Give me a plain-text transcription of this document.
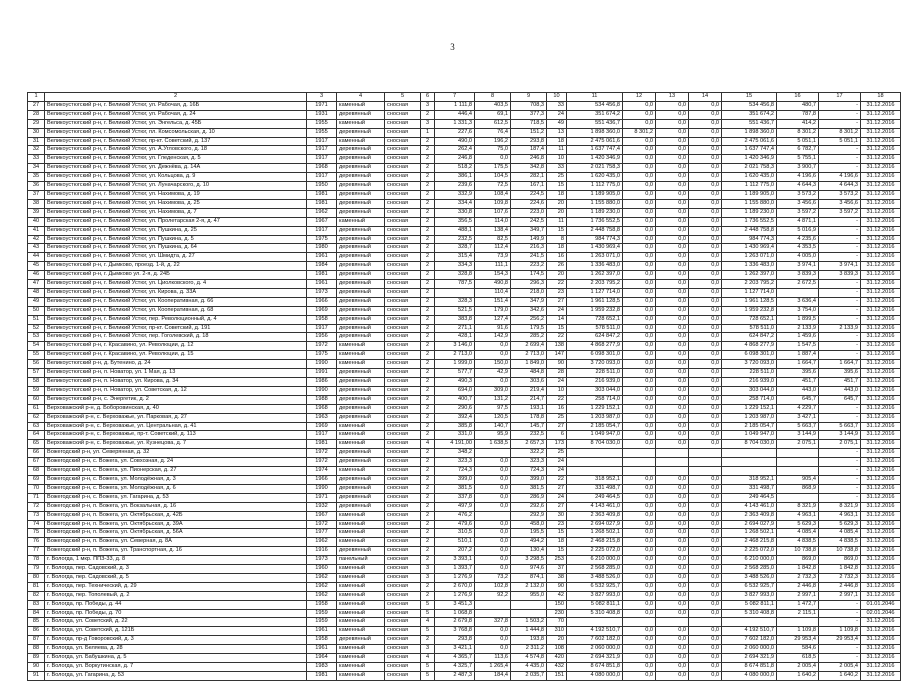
3
1	2	3	4	5	6	7	8	9	10	11	12	13	14	15	16	17	18
27	Великоустюгский р-н, г. Великий Устюг, ул. Рабочая, д. 16Б	1971	каменный	сносная	3	1 111,8	403,5	708,3	33	534 456,8	0,0	0,0	0,0	534 456,8	480,7	-	31.12.2016
28	Великоустюгский р-н, г. Великий Устюг, ул. Рабочая, д. 24	1931	деревянный	сносная	2	446,4	69,1	377,3	24	351 674,2	0,0	0,0	0,0	351 674,2	787,8	-	31.12.2016
29	Великоустюгский р-н, г. Великий Устюг, ул. Энгельса, д. 45Б	1955	каменный	сносная	3	1 331,3	612,5	718,5	49	551 436,7	0,0	0,0	0,0	551 436,7	414,2	-	31.12.2016
30	Великоустюгский р-н, г. Великий Устюг, пл. Комсомольская, д. 10	1955	деревянный	сносная	1	227,6	76,4	151,2	13	1 898 360,0	8 301,2	0,0	0,0	1 898 360,0	8 301,2	8 301,2	31.12.2016
31	Великоустюгский р-н, г. Великий Устюг, пр-кт. Советский, д. 137	1917	каменный	сносная	2	490,0	196,2	293,8	18	2 475 061,6	0,0	0,0	0,0	2 475 061,6	5 051,1	5 051,1	31.12.2016
32	Великоустюгский р-н, г. Великий Устюг, ул. А.Угловского, д. 18	1917	деревянный	сносная	2	262,4	75,0	187,4	11	1 637 747,4	0,0	0,0	0,0	1 637 747,4	6 782,7	-	31.12.2016
33	Великоустюгский р-н, г. Великий Устюг, ул. Гледенская, д. 5	1917	деревянный	сносная	2	246,8	0,0	246,8	10	1 420 346,9	0,0	0,0	0,0	1 420 346,9	5 755,1	-	31.12.2016
34	Великоустюгский р-н, г. Великий Устюг, ул. Дежнёва, д. 14А	1968	деревянный	сносная	2	518,2	175,5	342,8	33	2 021 758,3	0,0	0,0	0,0	2 021 758,3	3 900,7	-	31.12.2016
35	Великоустюгский р-н, г. Великий Устюг, ул. Кольцова, д. 9	1917	деревянный	сносная	2	386,1	104,5	282,1	25	1 620 435,0	0,0	0,0	0,0	1 620 435,0	4 196,6	4 196,6	31.12.2016
36	Великоустюгский р-н, г. Великий Устюг, ул. Луначарского, д. 10	1950	деревянный	сносная	2	239,6	72,5	167,1	15	1 112 775,0	0,0	0,0	0,0	1 112 775,0	4 644,3	4 644,3	31.12.2016
37	Великоустюгский р-н, г. Великий Устюг, ул. Нахимова, д. 19	1981	деревянный	сносная	2	332,9	108,4	224,5	18	1 189 905,0	0,0	0,0	0,0	1 189 905,0	3 573,2	3 573,2	31.12.2016
38	Великоустюгский р-н, г. Великий Устюг, ул. Нахимова, д. 25	1981	деревянный	сносная	2	334,4	109,8	224,6	20	1 155 880,0	0,0	0,0	0,0	1 155 880,0	3 456,6	3 456,6	31.12.2016
39	Великоустюгский р-н, г. Великий Устюг, ул. Нахимова, д. 7	1962	деревянный	сносная	2	330,8	107,6	223,0	20	1 189 230,0	0,0	0,0	0,0	1 189 230,0	3 597,2	3 597,2	31.12.2016
40	Великоустюгский р-н, г. Великий Устюг, ул. Пролетарская 2-я, д. 47	1967	каменный	сносная	2	356,5	114,0	242,5	11	1 736 552,5	0,0	0,0	0,0	1 736 552,5	4 871,1	-	31.12.2016
41	Великоустюгский р-н, г. Великий Устюг, ул. Пушкина, д. 25	1917	деревянный	сносная	2	488,1	138,4	349,7	15	2 448 758,8	0,0	0,0	0,0	2 448 758,8	5 016,9	-	31.12.2016
42	Великоустюгский р-н, г. Великий Устюг, ул. Пушкина, д. 5	1975	деревянный	сносная	2	232,5	82,5	149,9	8	984 774,3	0,0	0,0	0,0	984 774,3	4 235,6	-	31.12.2016
43	Великоустюгский р-н, г. Великий Устюг, ул. Пушкина, д. 64	1980	деревянный	сносная	2	328,7	112,4	216,3	18	1 430 969,4	0,0	0,0	0,0	1 430 969,4	4 353,5	-	31.12.2016
44	Великоустюгский р-н, г. Великий Устюг, ул. Шмидта, д. 27	1961	деревянный	сносная	2	315,4	73,9	241,5	16	1 263 071,0	0,0	0,0	0,0	1 263 071,0	4 005,0	-	31.12.2016
45	Великоустюгский р-н, г. Дымково, проезд. 1-й, д. 22	1984	деревянный	сносная	2	334,3	111,1	223,2	26	1 336 483,0	0,0	0,0	0,0	1 336 483,0	3 974,1	3 974,1	31.12.2016
46	Великоустюгский р-н, г. Дымково ул. 2-я, д. 24Б	1981	деревянный	сносная	2	328,8	154,3	174,5	20	1 262 397,0	0,0	0,0	0,0	1 262 397,0	3 839,3	3 839,3	31.12.2016
47	Великоустюгский р-н, г. Великий Устюг, ул. Циолковского, д. 4	1961	деревянный	сносная	2	787,5	490,8	296,3	22	2 203 795,2	0,0	0,0	0,0	2 203 795,2	2 672,5	-	31.12.2016
48	Великоустюгский р-н, г. Великий Устюг, ул. Кирова, д. 33А	1973	деревянный	сносная	2		110,4	218,0	23	1 127 714,0	0,0	0,0	0,0	1 127 714,0		-	31.12.2016
49	Великоустюгский р-н, г. Великий Устюг, ул. Кооперативная, д. 66	1966	деревянный	сносная	2	328,3	151,4	347,9	27	1 961 128,5	0,0	0,0	0,0	1 961 128,5	3 636,4	-	31.12.2016
50	Великоустюгский р-н, г. Великий Устюг, ул. Кооперативная, д. 68	1969	деревянный	сносная	2	521,5	179,0	342,6	24	1 959 232,8	0,0	0,0	0,0	1 959 232,8	3 754,0	-	31.12.2016
51	Великоустюгский р-н, г. Великий Устюг, пер. Революционный, д. 4	1958	деревянный	сносная	2	383,8	127,4	256,2	14	728 652,1	0,0	0,0	0,0	728 652,1	1 899,5	-	31.12.2016
52	Великоустюгский р-н, г. Великий Устюг, пр-кт. Советский, д. 191	1917	деревянный	сносная	2	271,1	91,6	179,5	15	578 511,0	0,0	0,0	0,0	578 511,0	2 133,9	2 133,9	31.12.2016
53	Великоустюгский р-н, г. Великий Устюг, пер. Гоголевский, д. 18	1956	деревянный	сносная	2	428,1	142,9	285,2	22	624 847,2	0,0	0,0	0,0	624 847,2	1 459,6	-	31.12.2016
54	Великоустюгский р-н, г. Красавино, ул. Революции, д. 12	1972	каменный	сносная	2	3 146,0	0,0	2 699,4	138	4 868 277,9	0,0	0,0	0,0	4 868 277,9	1 547,5	-	31.12.2016
55	Великоустюгский р-н, г. Красавино, ул. Революции, д. 15	1975	каменный	сносная	2	2 713,0	0,0	2 713,0	147	6 098 301,0	0,0	0,0	0,0	6 098 301,0	1 887,4	-	31.12.2016
56	Великоустюгский р-н, д. Бутенино, д. 24	1990	каменный	сносная	2	1 999,0	150,0	1 849,0	90	3 720 093,0	0,0	0,0	0,0	3 720 093,0	1 664,7	1 664,7	31.12.2016
57	Великоустюгский р-н, п. Новатор, ул. 1 Мая, д. 13	1991	деревянный	сносная	2	577,7	42,9	484,8	28	228 511,0	0,0	0,0	0,0	228 511,0	395,6	395,6	31.12.2016
58	Великоустюгский р-н, п. Новатор, ул. Кирова, д. 34	1986	деревянный	сносная	2	490,3	0,0	303,6	24	216 939,0	0,0	0,0	0,0	216 939,0	451,7	451,7	31.12.2016
59	Великоустюгский р-н, п. Новатор, ул. Советская, д. 12	1990	деревянный	сносная	2	694,0	309,0	219,4	10	303 044,0	0,0	0,0	0,0	303 044,0	443,0	443,0	31.12.2016
60	Великоустюгский р-н, с. Энергетик, д. 2	1988	деревянный	сносная	2	400,7	131,2	214,7	22	258 714,0	0,0	0,0	0,0	258 714,0	645,7	645,7	31.12.2016
61	Верховажский р-н, д. Боборовинская, д. 40	1968	деревянный	сносная	2	290,6	97,5	193,1	16	1 229 152,1	0,0	0,0	0,0	1 229 152,1	4 229,7	-	31.12.2016
62	Верховажский р-н, с. Верховажье, ул. Парковая, д. 27	1963	деревянный	сносная	2	392,4	120,5	178,8	25	1 203 987,0	0,0	0,0	0,0	1 203 987,0	3 427,1	-	31.12.2016
63	Верховажский р-н, с. Верховажье, ул. Центральная, д. 41	1969	каменный	сносная	2	385,8	140,7	145,7	27	2 185 054,7	0,0	0,0	0,0	2 185 054,7	5 663,7	5 663,7	31.12.2016
64	Верховажский р-н, с. Верховажье, пр-т. Советский, д. 113	1917	каменный	сносная	2	331,0	95,9	232,5	6	1 049 947,0	0,0	0,0	0,0	1 049 947,0	3 144,9	3 144,9	31.12.2016
65	Верховажский р-н, с. Верховажье, ул. Кузнецова, д. 7	1981	каменный	сносная	4	4 191,00	1 638,5	2 657,3	173	8 704 030,0	0,0	0,0	0,0	8 704 030,0	2 075,1	2 075,1	31.12.2016
66	Вожегодский р-н, ул. Северянная, д. 32	1972	деревянный	сносная	2	348,2		322,2	25							-	31.12.2016
67	Вожегодский р-н, с. Вожега, ул. Совхозная, д. 24	1972	деревянный	сносная	2	323,3	0,0	323,3	24							-	31.12.2016
68	Вожегодский р-н, с. Вожега, ул. Пионерская, д. 27	1974	каменный	сносная	2	724,3	0,0	724,3	24							-	31.12.2016
69	Вожегодский р-н, с. Вожега, ул. Молодёжная, д. 3	1966	деревянный	сносная	2	399,0	0,0	399,0	22	318 952,1	0,0	0,0	0,0	318 952,1	905,4	-	31.12.2016
70	Вожегодский р-н, с. Вожега, ул. Молодёжная, д. 6	1990	деревянный	сносная	2	381,5	0,0	381,5	27	331 498,7	0,0	0,0	0,0	331 498,7	868,9	-	31.12.2016
71	Вожегодский р-н, с. Вожега, ул. Гагарина, д. 53	1971	деревянный	сносная	2	337,8	0,0	286,9	24	249 464,5	0,0	0,0	0,0	249 464,5		-	31.12.2016
72	Вожегодский р-н, п. Вожега, ул. Вокзальная, д. 16	1932	деревянный	сносная	2	497,9	0,0	292,6	27	4 143 461,0	0,0	0,0	0,0	4 143 461,0	8 321,9	8 321,9	31.12.2016
73	Вожегодский р-н, п. Вожега, ул. Октябрьская, д. 42Б	1967	каменный	сносная	2	476,2		292,9	30	2 363 409,8	0,0	0,0	0,0	2 363 409,8	4 963,1	4 963,1	31.12.2016
74	Вожегодский р-н, п. Вожега, ул. Октябрьская, д. 39А	1972	каменный	сносная	2	479,6	0,0	458,0	23	2 694 027,9	0,0	0,0	0,0	2 694 027,9	5 629,3	5 629,3	31.12.2016
75	Вожегодский р-н, п. Вожега, ул. Октябрьская, д. 56А	1977	каменный	сносная	2	310,5	0,0	195,5	15	1 268 502,1	0,0	0,0	0,0	1 268 502,1	4 085,4	4 085,4	31.12.2016
76	Вожегодский р-н, п. Вожега, ул. Северная, д. 8А	1962	каменный	сносная	2	510,1	0,0	494,2	18	2 468 215,8	0,0	0,0	0,0	2 468 215,8	4 838,5	4 838,5	31.12.2016
77	Вожегодский р-н, п. Вожега, ул. Транспортная, д. 16	1916	деревянный	сносная	2	207,2	0,0	130,4	15	2 225 072,0	0,0	0,0	0,0	2 225 072,0	10 738,8	10 738,8	31.12.2016
78	г. Вологда, 1 мкр. ППЗ-33, д. 8	1973	панельный	сносная	2	3 393,1	0,0	3 298,5	253	6 210 000,0	0,0	0,0	0,0	6 210 000,0	869,0	869,0	31.12.2016
79	г. Вологда, пер. Садовский, д. 3	1960	каменный	сносная	3	1 393,7	0,0	974,6	37	2 568 285,0	0,0	0,0	0,0	2 568 285,0	1 842,8	1 842,8	31.12.2016
80	г. Вологда, пер. Садовский, д. 5	1962	каменный	сносная	3	1 276,9	73,2	874,1	38	3 488 526,0	0,0	0,0	0,0	3 488 526,0	2 732,3	2 732,3	31.12.2016
81	г. Вологда, пер. Технический, д. 29	1962	каменный	сносная	2	2 670,0	102,8	2 132,0	90	6 532 925,7	0,0	0,0	0,0	6 532 925,7	2 446,8	2 446,8	31.12.2016
82	г. Вологда, пер. Тополевый, д. 2	1962	каменный	сносная	2	1 276,9	92,2	955,0	42	3 827 993,0	0,0	0,0	0,0	3 827 993,0	2 997,1	2 997,1	31.12.2016
83	г. Вологда, пр. Победы, д. 44	1958	каменный	сносная	5	3 451,3			150	5 082 811,1	0,0	0,0	0,0	5 082 811,1	1 472,7	-	01.01.2046
84	г. Вологда, пр. Победы, д. 70	1959	каменный	сносная	5	1 068,8			230	5 310 408,8	0,0	0,0	0,0	5 310 408,8	2 115,1	-	02.01.2046
85	г. Вологда, ул. Советский, д. 22	1959	каменный	сносная	4	2 679,8	327,8	1 503,2	70							-	31.12.2016
86	г. Вологда, ул. Советский, д. 121Б	1961	каменный	сносная	5	3 768,8	0,0	1 444,8	310	4 192 510,7	0,0	0,0	0,0	4 192 510,7	1 109,8	1 109,8	31.12.2016
87	г. Вологда, пр-д Говоровский, д. 3	1958	деревянный	сносная	2	293,8	0,0	193,8	20	7 602 182,0	0,0	0,0	0,0	7 602 182,0	29 953,4	29 953,4	31.12.2016
88	г. Вологда, ул. Беляева, д. 28	1961	каменный	сносная	3	3 421,1	0,0	2 311,2	108	2 060 000,0	0,0	0,0	0,0	2 060 000,0	584,6	-	31.12.2016
89	г. Вологда, ул. Бабушкина, д. 5	1964	каменный	сносная	4	4 365,7	113,6	4 574,8	420	2 694 321,9	0,0	0,0	0,0	2 694 321,9	618,5	-	31.12.2016
90	г. Вологда, ул. Воркутинская, д. 7	1983	каменный	сносная	5	4 325,7	1 265,4	4 435,0	432	8 674 851,8	0,0	0,0	0,0	8 674 851,8	2 005,4	2 005,4	31.12.2016
91	г. Вологда, ул. Гагарина, д. 53	1981	каменный	сносная	5	2 487,3	184,4	2 035,7	151	4 080 000,0	0,0	0,0	0,0	4 080 000,0	1 640,2	1 640,2	31.12.2016
